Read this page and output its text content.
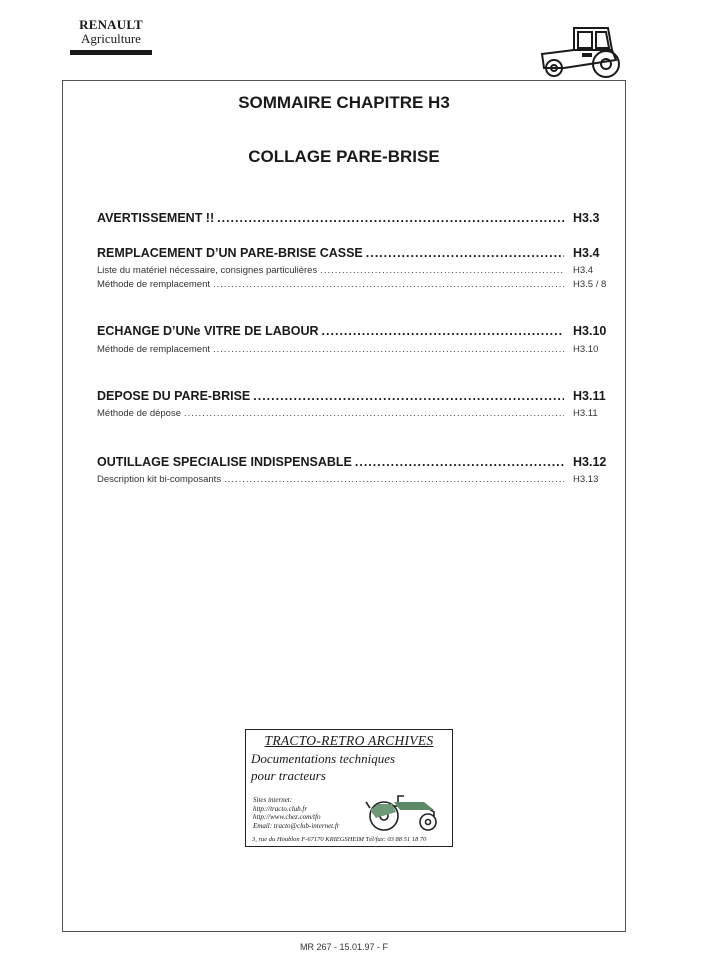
RENAULT
Agriculture
SOMMAIRE CHAPITRE H3
COLLAGE PARE-BRISE
AVERTISSEMENT !! .....	H3.3
REMPLACEMENT D’UN PARE-BRISE CASSE .....	H3.4
Liste du matériel nécessaire, consignes particulières .....	H3.4
Méthode de remplacement .....	H3.5 / 8
ECHANGE D’UNe VITRE DE LABOUR .....	H3.10
Méthode de remplacement .....	H3.10
DEPOSE DU PARE-BRISE .....	H3.11
Méthode de dépose .....	H3.11
OUTILLAGE SPECIALISE INDISPENSABLE .....	H3.12
Description kit bi-composants .....	H3.13
TRACTO-RETRO ARCHIVES
Documentations techniques
pour tracteurs
Sites internet:
http://tracto.club.fr
http://www.chez.com/tfo
Email: tracto@club-internet.fr
3, rue du Houblon F-67170 KRIEGSHEIM Tél/fax: 03 88 51 18 70
MR 267 - 15.01.97 - F
